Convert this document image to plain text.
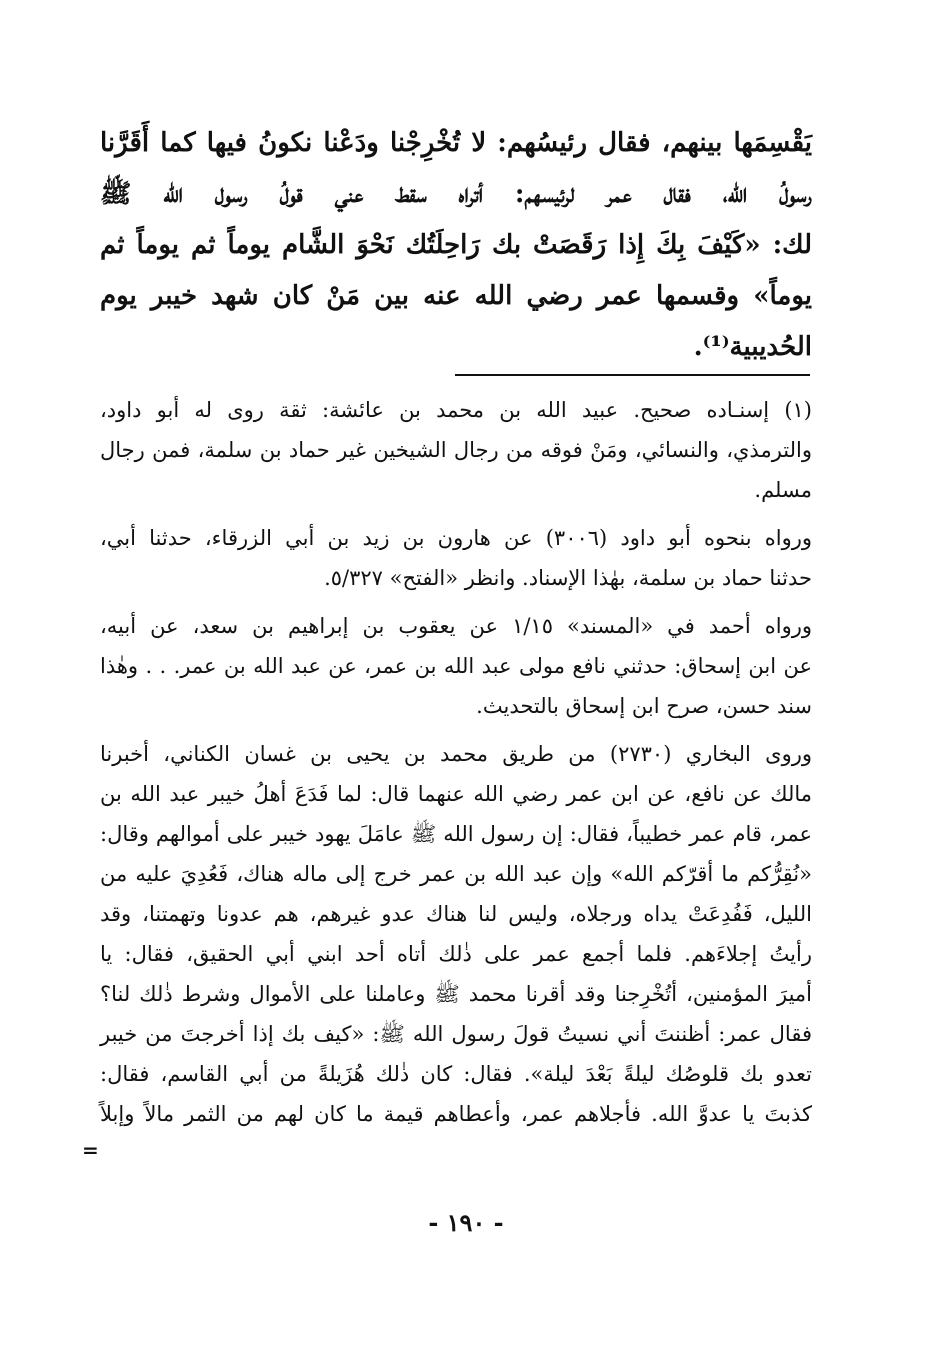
يَقْسِمَها بينهم، فقال رئيسُهم: لا تُخْرِجْنا ودَعْنا نكونُ فيها كما أَقَرَّنا
رسولُ الله، فقال عمر لرئيسهم: أتراه سقط عني قولُ رسول الله ﷺ
لك: «كَيْفَ بِكَ إِذا رَقَصَتْ بك رَاحِلَتُك نَحْوَ الشَّام يوماً ثم يوماً ثم
يوماً» وقسمها عمر رضي الله عنه بين مَنْ كان شهد خيبر يوم
الحُديبية⁽¹⁾.
(١) إسنـاده صحيح. عبيد الله بن محمد بن عائشة: ثقة روى له أبو داود،
والترمذي، والنسائي، ومَنْ فوقه من رجال الشيخين غير حماد بن سلمة، فمن رجال
مسلم.
ورواه بنحوه أبو داود (٣٠٠٦) عن هارون بن زيد بن أبي الزرقاء، حدثنا أبي،
حدثنا حماد بن سلمة، بهٰذا الإسناد. وانظر «الفتح» ٥/٣٢٧.
ورواه أحمد في «المسند» ١/١٥ عن يعقوب بن إبراهيم بن سعد، عن أبيه،
عن ابن إسحاق: حدثني نافع مولى عبد الله بن عمر، عن عبد الله بن عمر. . . وهٰذا
سند حسن، صرح ابن إسحاق بالتحديث.
وروى البخاري (٢٧٣٠) من طريق محمد بن يحيى بن غسان الكناني، أخبرنا
مالك عن نافع، عن ابن عمر رضي الله عنهما قال: لما فَدَعَ أهلُ خيبر عبد الله بن
عمر، قام عمر خطيباً، فقال: إن رسول الله ﷺ عامَلَ يهود خيبر على أموالهم وقال:
«نُقِرُّكم ما أقرّكم الله» وإن عبد الله بن عمر خرج إلى ماله هناك، فَعُدِيَ عليه من
الليل، فَفُدِعَتْ يداه ورجلاه، وليس لنا هناك عدو غيرهم، هم عدونا وتهمتنا، وقد
رأيتُ إجلاءَهم. فلما أجمع عمر على ذٰلك أتاه أحد ابني أبي الحقيق، فقال: يا
أميرَ المؤمنين، أتُخْرِجنا وقد أقرنا محمد ﷺ وعاملنا على الأموال وشرط ذٰلك لنا؟
فقال عمر: أظننتَ أني نسيتُ قولَ رسول الله ﷺ: «كيف بك إذا أخرجتَ من خيبر
تعدو بك قلوصُك ليلةً بَعْدَ ليلة». فقال: كان ذٰلك هُزَيلةً من أبي القاسم، فقال:
كذبتَ يا عدوَّ الله. فأجلاهم عمر، وأعطاهم قيمة ما كان لهم من الثمر مالاً وإبلاً
=
- ١٩٠ -
